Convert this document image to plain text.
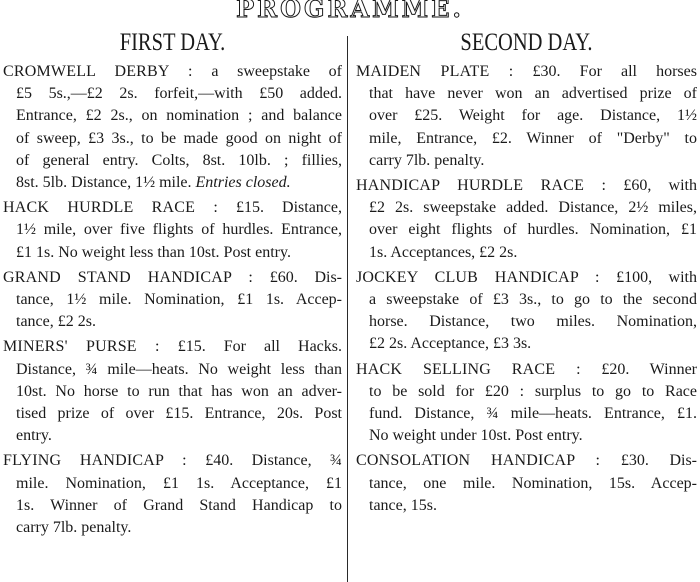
PROGRAMME.
FIRST DAY.
CROMWELL DERBY : a sweepstake of
£5 5s.,—£2 2s. forfeit,—with £50 added.
Entrance, £2 2s., on nomination ; and balance
of sweep, £3 3s., to be made good on night of
of general entry. Colts, 8st. 10lb. ; fillies,
8st. 5lb. Distance, 1½ mile. Entries closed.
HACK HURDLE RACE : £15. Distance,
1½ mile, over five flights of hurdles. Entrance,
£1 1s. No weight less than 10st. Post entry.
GRAND STAND HANDICAP : £60. Dis-
tance, 1½ mile. Nomination, £1 1s. Accep-
tance, £2 2s.
MINERS' PURSE : £15. For all Hacks.
Distance, ¾ mile—heats. No weight less than
10st. No horse to run that has won an adver-
tised prize of over £15. Entrance, 20s. Post
entry.
FLYING HANDICAP : £40. Distance, ¾
mile. Nomination, £1 1s. Acceptance, £1
1s. Winner of Grand Stand Handicap to
carry 7lb. penalty.
SECOND DAY.
MAIDEN PLATE : £30. For all horses
that have never won an advertised prize of
over £25. Weight for age. Distance, 1½
mile, Entrance, £2. Winner of "Derby" to
carry 7lb. penalty.
HANDICAP HURDLE RACE : £60, with
£2 2s. sweepstake added. Distance, 2½ miles,
over eight flights of hurdles. Nomination, £1
1s. Acceptances, £2 2s.
JOCKEY CLUB HANDICAP : £100, with
a sweepstake of £3 3s., to go to the second
horse. Distance, two miles. Nomination,
£2 2s. Acceptance, £3 3s.
HACK SELLING RACE : £20. Winner
to be sold for £20 : surplus to go to Race
fund. Distance, ¾ mile—heats. Entrance, £1.
No weight under 10st. Post entry.
CONSOLATION HANDICAP : £30. Dis-
tance, one mile. Nomination, 15s. Accep-
tance, 15s.
